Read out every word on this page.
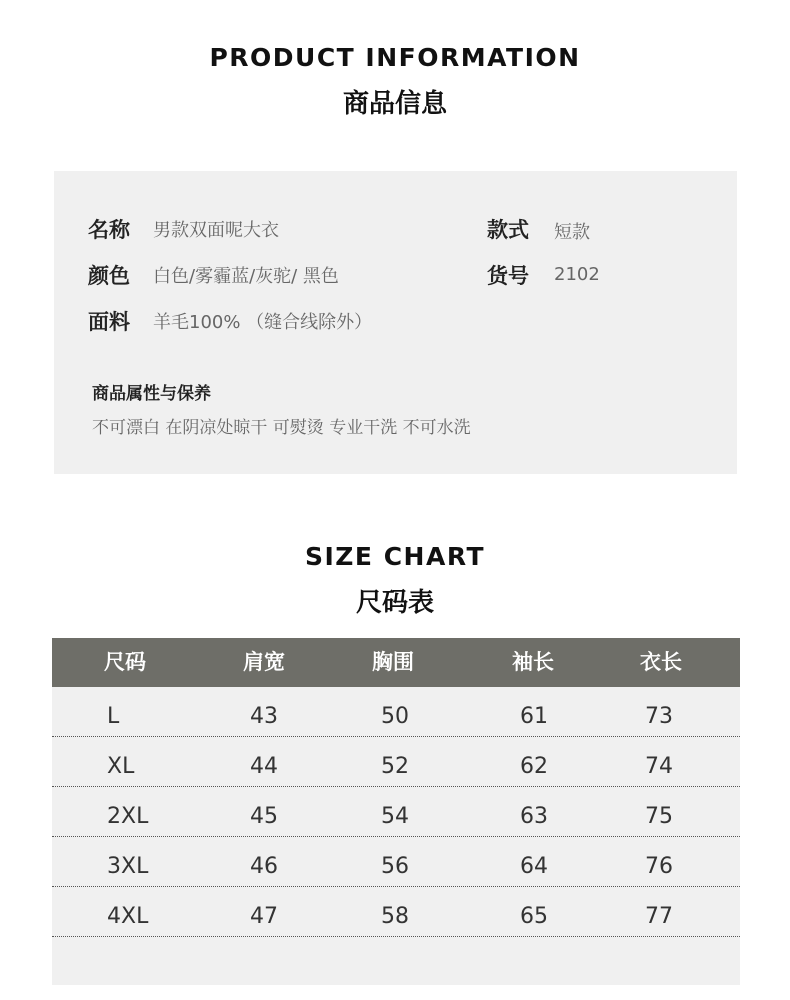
PRODUCT INFORMATION
商品信息
名称 男款双面呢大衣	款式 短款
颜色 白色/雾霾蓝/灰驼/ 黑色	货号 2102
面料 羊毛100% （缝合线除外）
商品属性与保养
不可漂白 在阴凉处晾干 可熨烫 专业干洗 不可水洗
SIZE CHART
尺码表
尺码	肩宽	胸围	袖长	衣长
L	43	50	61	73
XL	44	52	62	74
2XL	45	54	63	75
3XL	46	56	64	76
4XL	47	58	65	77
